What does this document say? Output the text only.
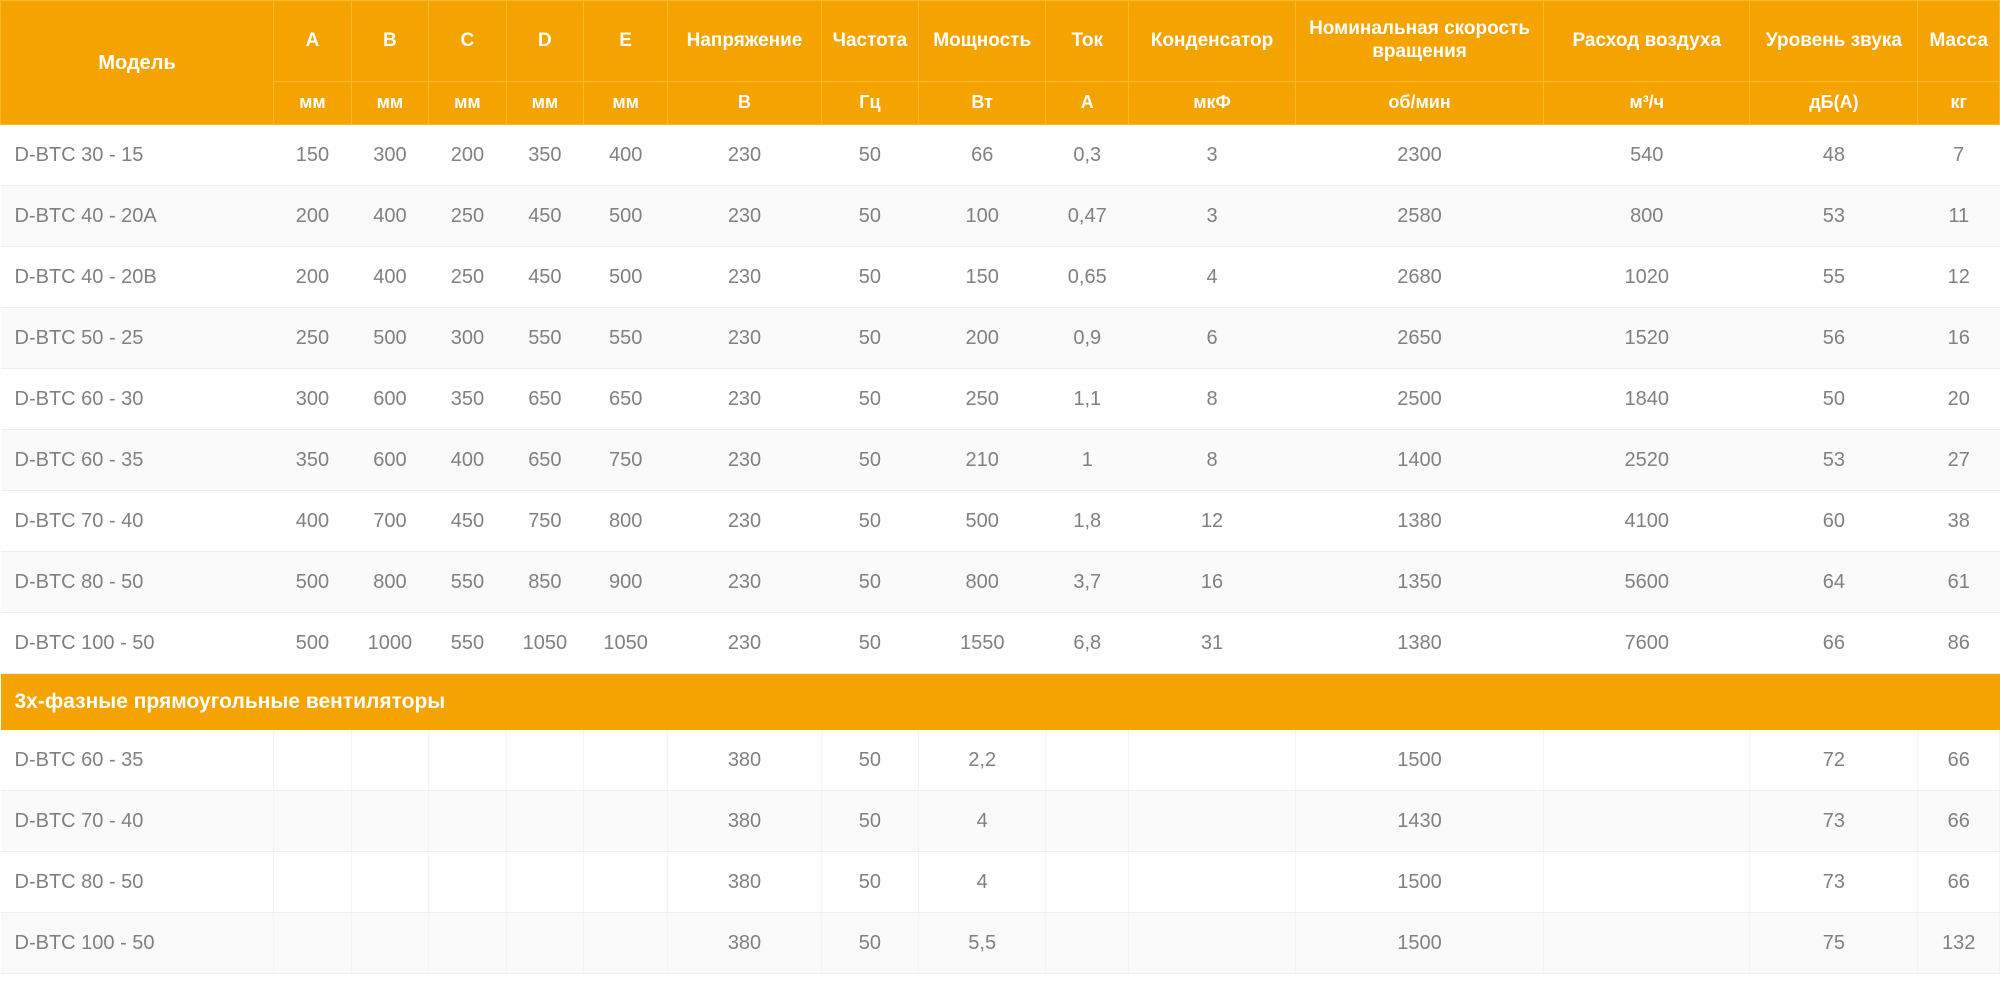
Модель	A	B	C	D	E	Напряжение	Частота	Мощность	Ток	Конденсатор	Номинальная скорость вращения	Расход воздуха	Уровень звука	Масса
	мм	мм	мм	мм	мм	В	Гц	Вт	А	мкФ	об/мин	м³/ч	дБ(А)	кг
D-BTC 30 - 15	150	300	200	350	400	230	50	66	0,3	3	2300	540	48	7
D-BTC 40 - 20A	200	400	250	450	500	230	50	100	0,47	3	2580	800	53	11
D-BTC 40 - 20B	200	400	250	450	500	230	50	150	0,65	4	2680	1020	55	12
D-BTC 50 - 25	250	500	300	550	550	230	50	200	0,9	6	2650	1520	56	16
D-BTC 60 - 30	300	600	350	650	650	230	50	250	1,1	8	2500	1840	50	20
D-BTC 60 - 35	350	600	400	650	750	230	50	210	1	8	1400	2520	53	27
D-BTC 70 - 40	400	700	450	750	800	230	50	500	1,8	12	1380	4100	60	38
D-BTC 80 - 50	500	800	550	850	900	230	50	800	3,7	16	1350	5600	64	61
D-BTC 100 - 50	500	1000	550	1050	1050	230	50	1550	6,8	31	1380	7600	66	86
3х-фазные прямоугольные вентиляторы														
D-BTC 60 - 35						380	50	2,2			1500		72	66
D-BTC 70 - 40						380	50	4			1430		73	66
D-BTC 80 - 50						380	50	4			1500		73	66
D-BTC 100 - 50						380	50	5,5			1500		75	132
